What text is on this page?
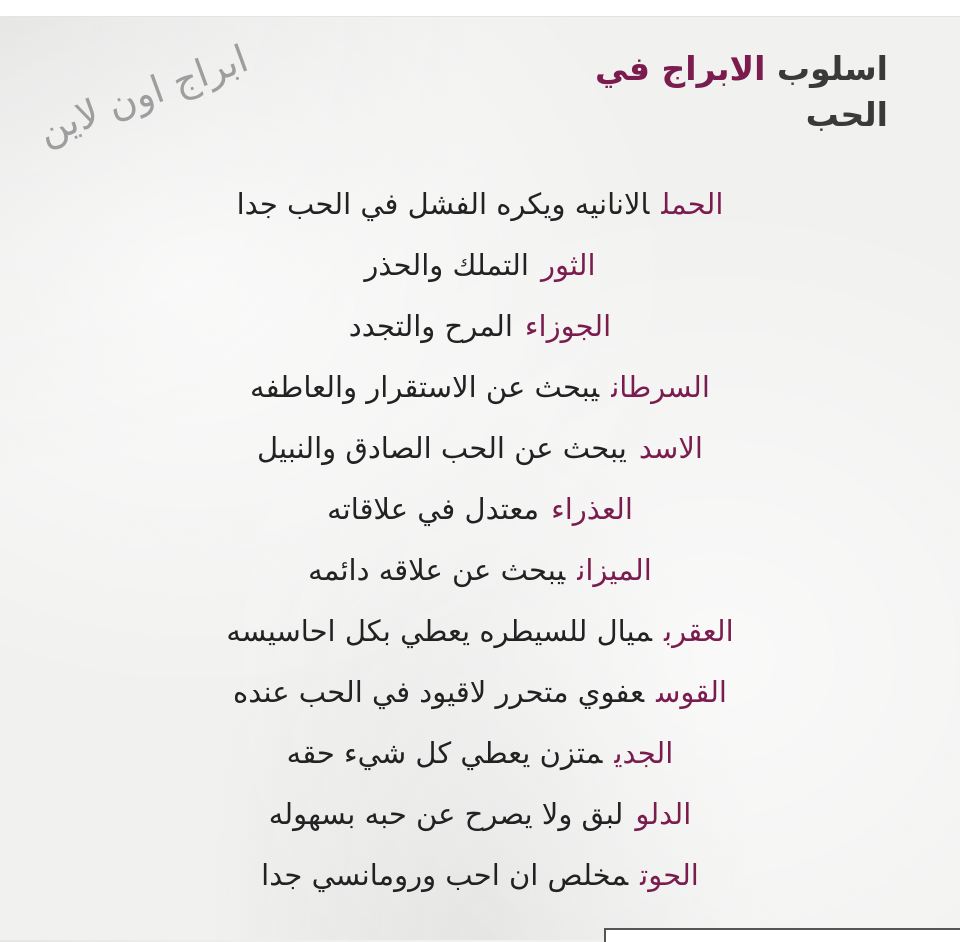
اسلوب الابراج في
الحب
ابراج اون لاين
الحملالانانيه ويكره الفشل في الحب جدا
الثورالتملك والحذر
الجوزاءالمرح والتجدد
السرطانيبحث عن الاستقرار والعاطفه
الاسديبحث عن الحب الصادق والنبيل
العذراءمعتدل في علاقاته
الميزانيبحث عن علاقه دائمه
العقربميال للسيطره يعطي بكل احاسيسه
القوسعفوي متحرر لاقيود في الحب عنده
الجديمتزن يعطي كل شيء حقه
الدلولبق ولا يصرح عن حبه بسهوله
الحوتمخلص ان احب ورومانسي جدا
